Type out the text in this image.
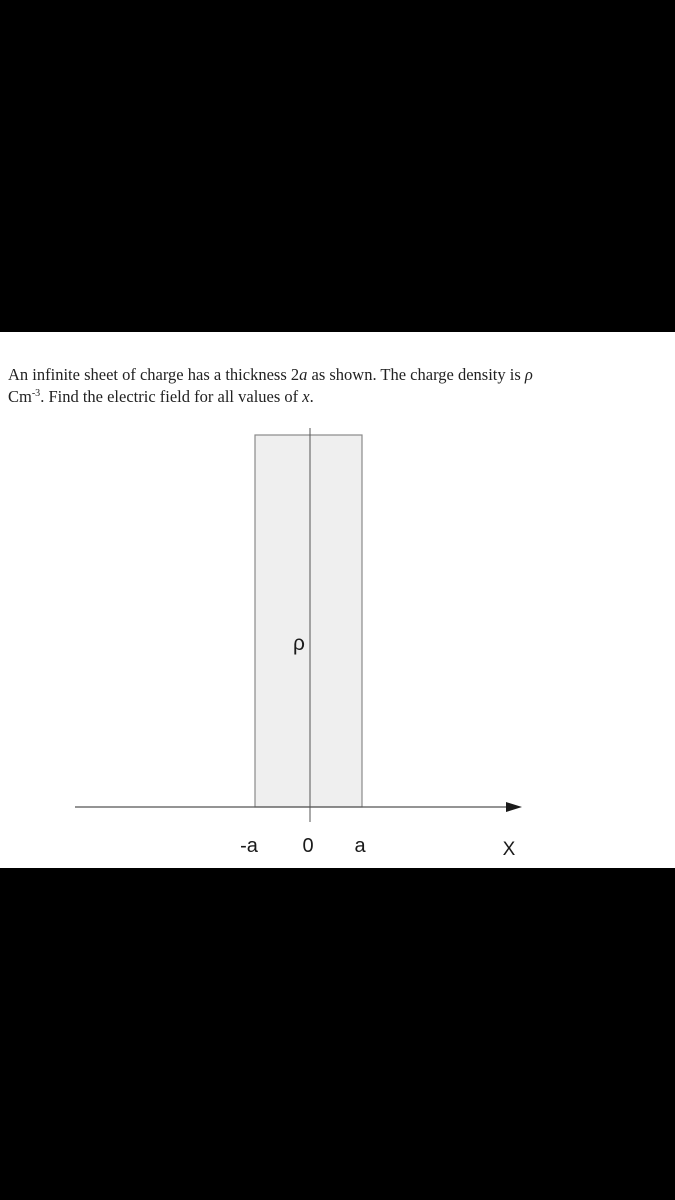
An infinite sheet of charge has a thickness 2a as shown. The charge density is ρ
$Cm^{-3}$. Find the electric field for all values of x.

ρ
-a 0 a	X
